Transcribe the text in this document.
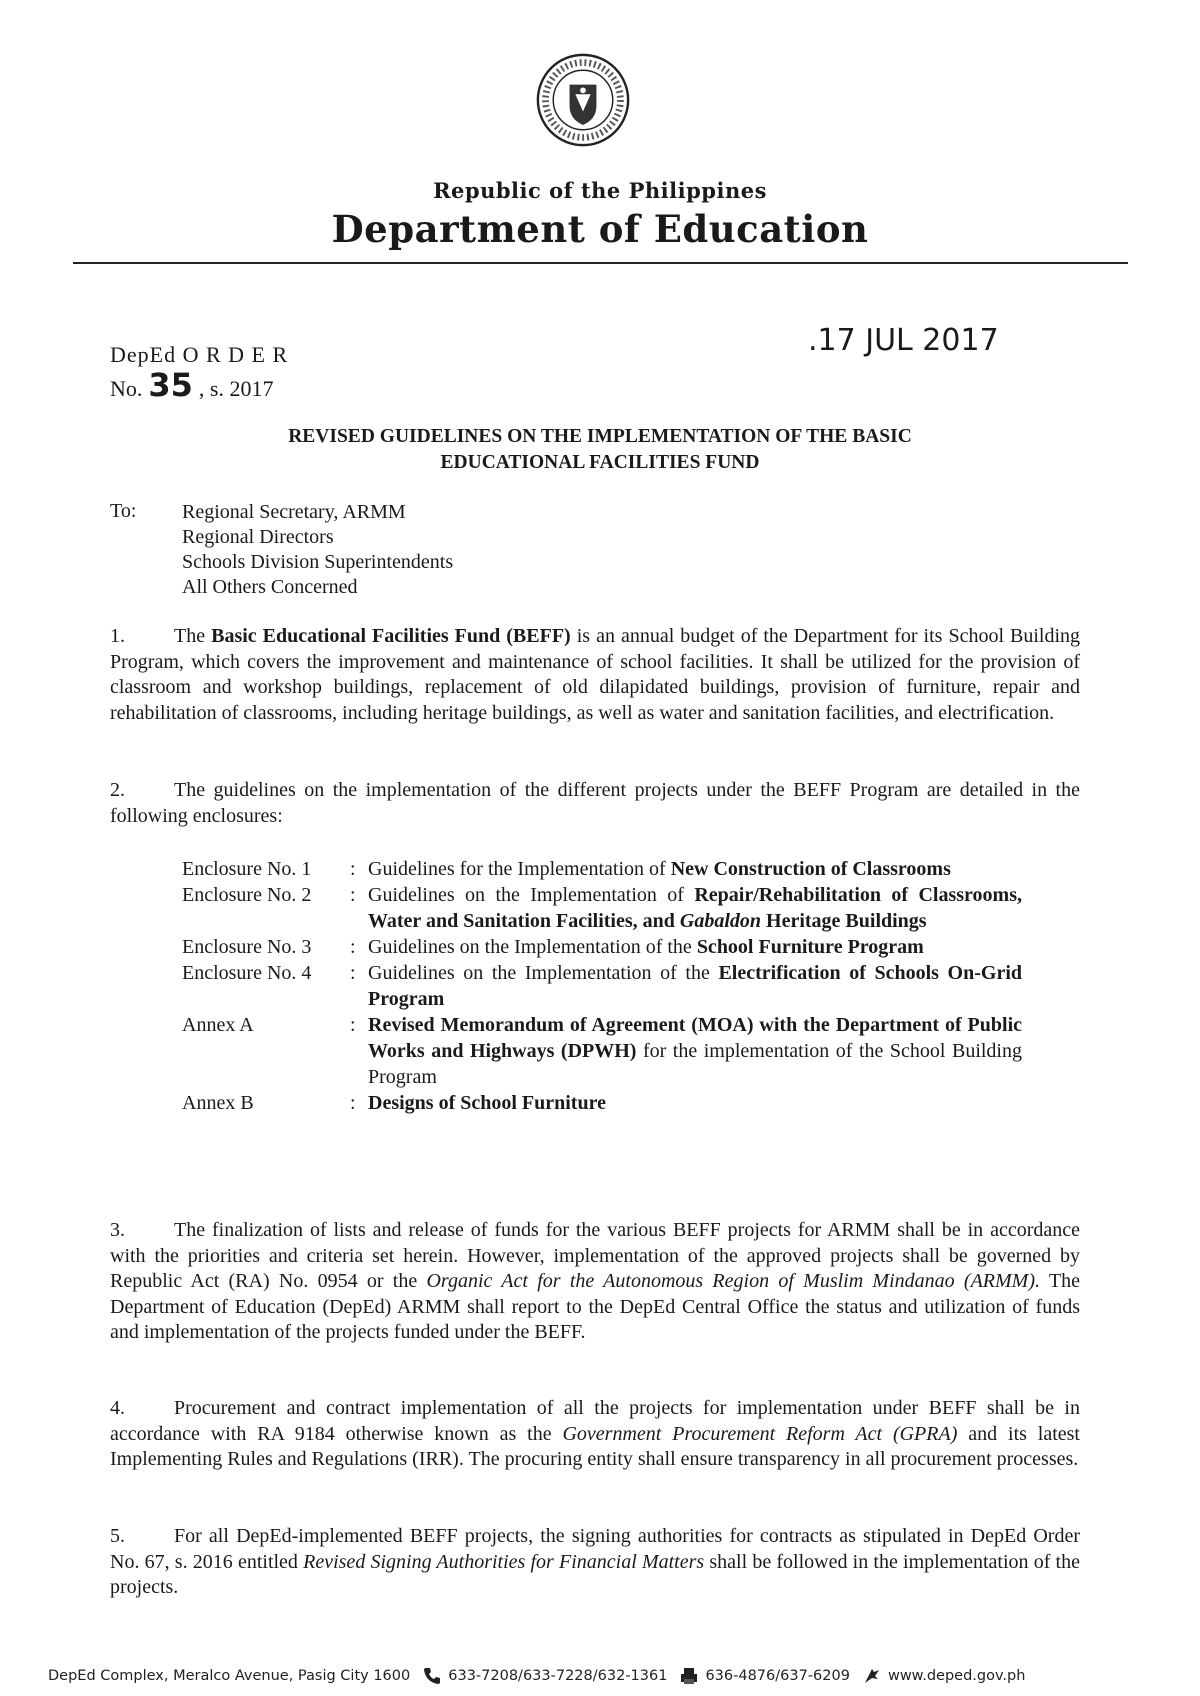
Republic of the Philippines
Department of Education
DepEd O R D E R
No. 35 , s. 2017
.17 JUL 2017
REVISED GUIDELINES ON THE IMPLEMENTATION OF THE BASIC
EDUCATIONAL FACILITIES FUND
To: Regional Secretary, ARMM
Regional Directors
Schools Division Superintendents
All Others Concerned
1. The Basic Educational Facilities Fund (BEFF) is an annual budget of the Department for its School Building Program, which covers the improvement and maintenance of school facilities. It shall be utilized for the provision of classroom and workshop buildings, replacement of old dilapidated buildings, provision of furniture, repair and rehabilitation of classrooms, including heritage buildings, as well as water and sanitation facilities, and electrification.
2. The guidelines on the implementation of the different projects under the BEFF Program are detailed in the following enclosures:
Enclosure No. 1	:	Guidelines for the Implementation of New Construction of Classrooms
Enclosure No. 2	:	Guidelines on the Implementation of Repair/Rehabilitation of Classrooms, Water and Sanitation Facilities, and Gabaldon Heritage Buildings
Enclosure No. 3	:	Guidelines on the Implementation of the School Furniture Program
Enclosure No. 4	:	Guidelines on the Implementation of the Electrification of Schools On-Grid Program
Annex A	:	Revised Memorandum of Agreement (MOA) with the Department of Public Works and Highways (DPWH) for the implementation of the School Building Program
Annex B	:	Designs of School Furniture
3. The finalization of lists and release of funds for the various BEFF projects for ARMM shall be in accordance with the priorities and criteria set herein. However, implementation of the approved projects shall be governed by Republic Act (RA) No. 0954 or the Organic Act for the Autonomous Region of Muslim Mindanao (ARMM). The Department of Education (DepEd) ARMM shall report to the DepEd Central Office the status and utilization of funds and implementation of the projects funded under the BEFF.
4. Procurement and contract implementation of all the projects for implementation under BEFF shall be in accordance with RA 9184 otherwise known as the Government Procurement Reform Act (GPRA) and its latest Implementing Rules and Regulations (IRR). The procuring entity shall ensure transparency in all procurement processes.
5. For all DepEd-implemented BEFF projects, the signing authorities for contracts as stipulated in DepEd Order No. 67, s. 2016 entitled Revised Signing Authorities for Financial Matters shall be followed in the implementation of the projects.
DepEd Complex, Meralco Avenue, Pasig City 1600	633-7208/633-7228/632-1361	636-4876/637-6209	www.deped.gov.ph
